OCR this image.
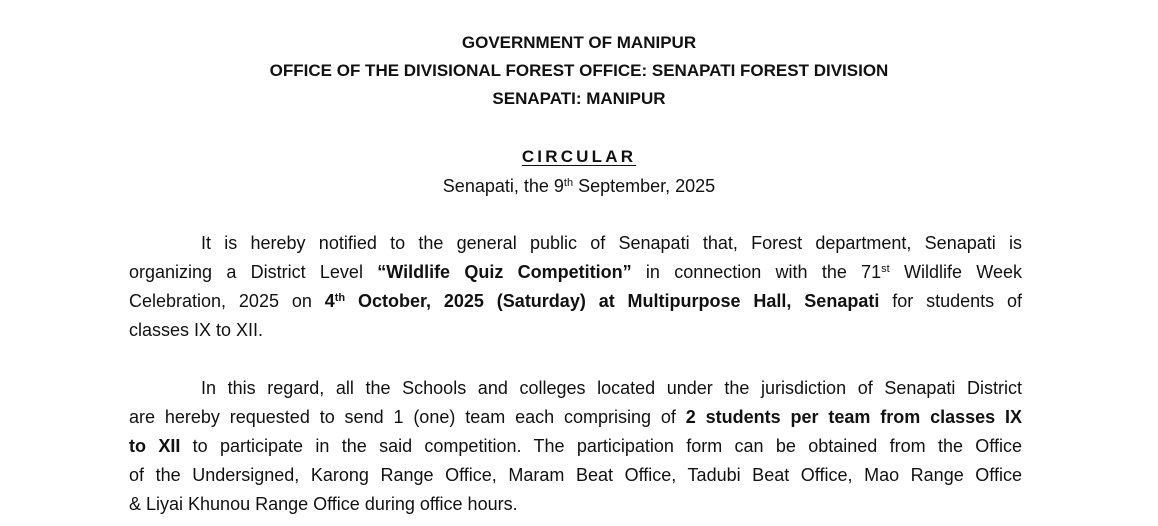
GOVERNMENT OF MANIPUR
OFFICE OF THE DIVISIONAL FOREST OFFICE: SENAPATI FOREST DIVISION
SENAPATI: MANIPUR
CIRCULAR
Senapati, the 9th September, 2025
It is hereby notified to the general public of Senapati that, Forest department, Senapati is
organizing a District Level “Wildlife Quiz Competition” in connection with the 71st Wildlife Week
Celebration, 2025 on 4th October, 2025 (Saturday) at Multipurpose Hall, Senapati for students of
classes IX to XII.
In this regard, all the Schools and colleges located under the jurisdiction of Senapati District
are hereby requested to send 1 (one) team each comprising of 2 students per team from classes IX
to XII to participate in the said competition. The participation form can be obtained from the Office
of the Undersigned, Karong Range Office, Maram Beat Office, Tadubi Beat Office, Mao Range Office
& Liyai Khunou Range Office during office hours.
